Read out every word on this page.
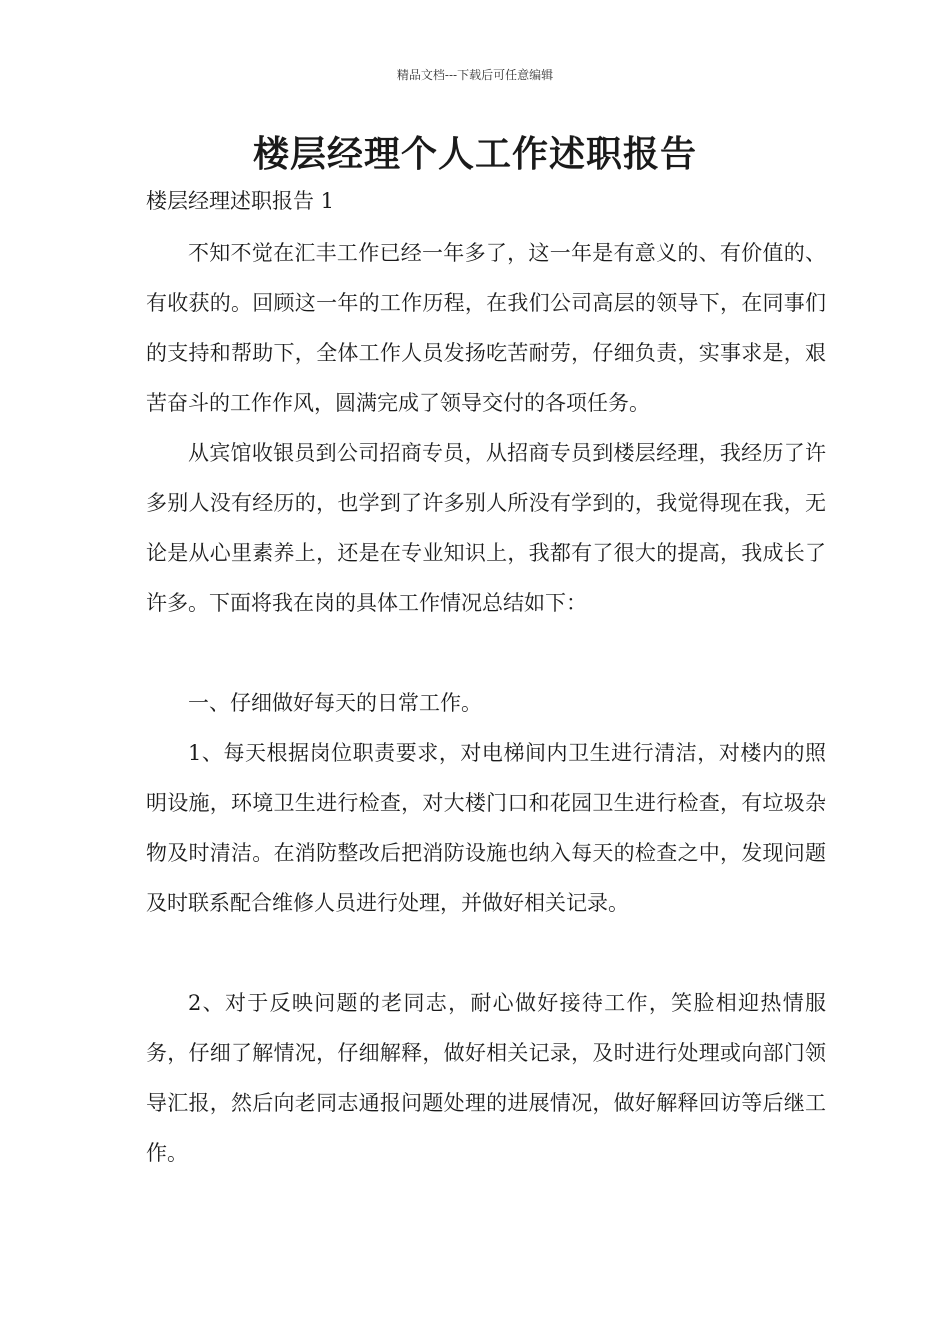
精品文档---下载后可任意编辑
楼层经理个人工作述职报告

楼层经理述职报告 1

不知不觉在汇丰工作已经一年多了，这一年是有意义的、有价值的、有收获的。回顾这一年的工作历程，在我们公司高层的领导下，在同事们的支持和帮助下，全体工作人员发扬吃苦耐劳，仔细负责，实事求是，艰苦奋斗的工作作风，圆满完成了领导交付的各项任务。

从宾馆收银员到公司招商专员，从招商专员到楼层经理，我经历了许多别人没有经历的，也学到了许多别人所没有学到的，我觉得现在我，无论是从心里素养上，还是在专业知识上，我都有了很大的提高，我成长了许多。下面将我在岗的具体工作情况总结如下：

一、仔细做好每天的日常工作。

1、每天根据岗位职责要求，对电梯间内卫生进行清洁，对楼内的照明设施，环境卫生进行检查，对大楼门口和花园卫生进行检查，有垃圾杂物及时清洁。在消防整改后把消防设施也纳入每天的检查之中，发现问题及时联系配合维修人员进行处理，并做好相关记录。

2、对于反映问题的老同志，耐心做好接待工作，笑脸相迎热情服务，仔细了解情况，仔细解释，做好相关记录，及时进行处理或向部门领导汇报，然后向老同志通报问题处理的进展情况，做好解释回访等后继工作。
